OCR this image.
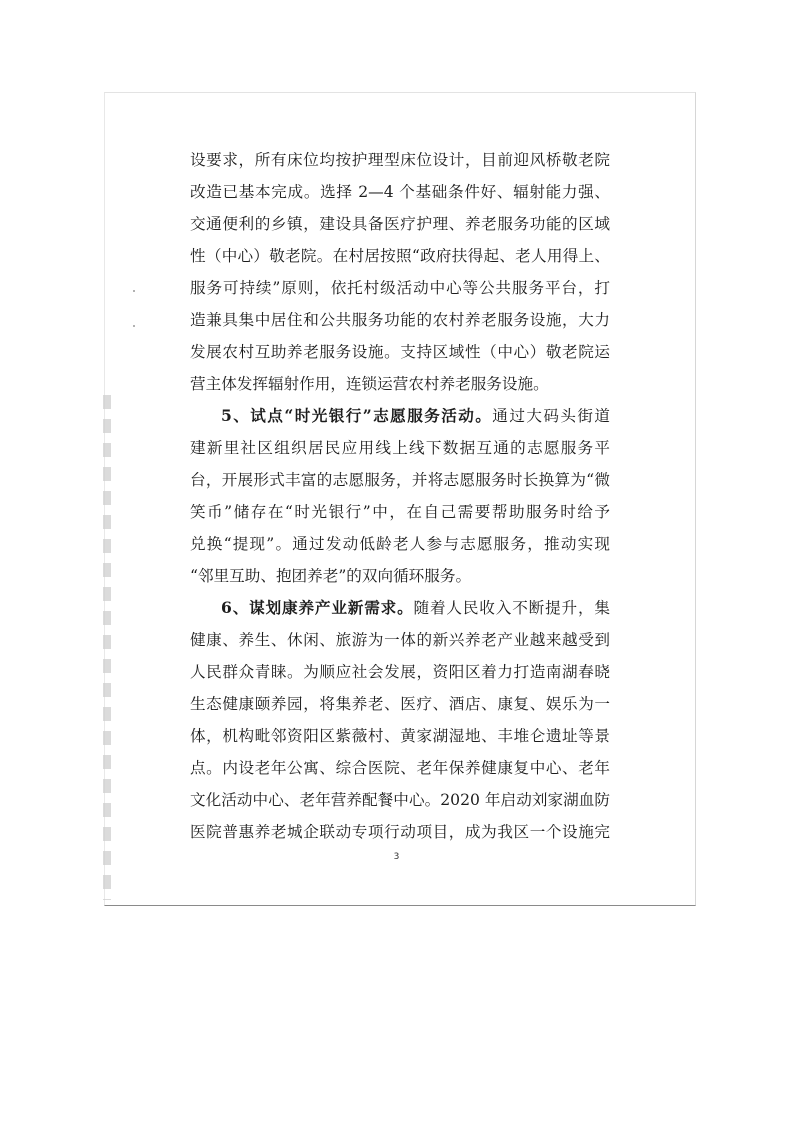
设要求，所有床位均按护理型床位设计，目前迎风桥敬老院
改造已基本完成。选择 2—4 个基础条件好、辐射能力强、
交通便利的乡镇，建设具备医疗护理、养老服务功能的区域
性（中心）敬老院。在村居按照“政府扶得起、老人用得上、
服务可持续”原则，依托村级活动中心等公共服务平台，打
造兼具集中居住和公共服务功能的农村养老服务设施，大力
发展农村互助养老服务设施。支持区域性（中心）敬老院运
营主体发挥辐射作用，连锁运营农村养老服务设施。
5、试点“时光银行”志愿服务活动。通过大码头街道
建新里社区组织居民应用线上线下数据互通的志愿服务平
台，开展形式丰富的志愿服务，并将志愿服务时长换算为“微
笑币”储存在“时光银行”中，在自己需要帮助服务时给予
兑换“提现”。通过发动低龄老人参与志愿服务，推动实现
“邻里互助、抱团养老”的双向循环服务。
6、谋划康养产业新需求。随着人民收入不断提升，集
健康、养生、休闲、旅游为一体的新兴养老产业越来越受到
人民群众青睐。为顺应社会发展，资阳区着力打造南湖春晓
生态健康颐养园，将集养老、医疗、酒店、康复、娱乐为一
体，机构毗邻资阳区紫薇村、黄家湖湿地、丰堆仑遗址等景
点。内设老年公寓、综合医院、老年保养健康复中心、老年
文化活动中心、老年营养配餐中心。2020 年启动刘家湖血防
医院普惠养老城企联动专项行动项目，成为我区一个设施完
3
